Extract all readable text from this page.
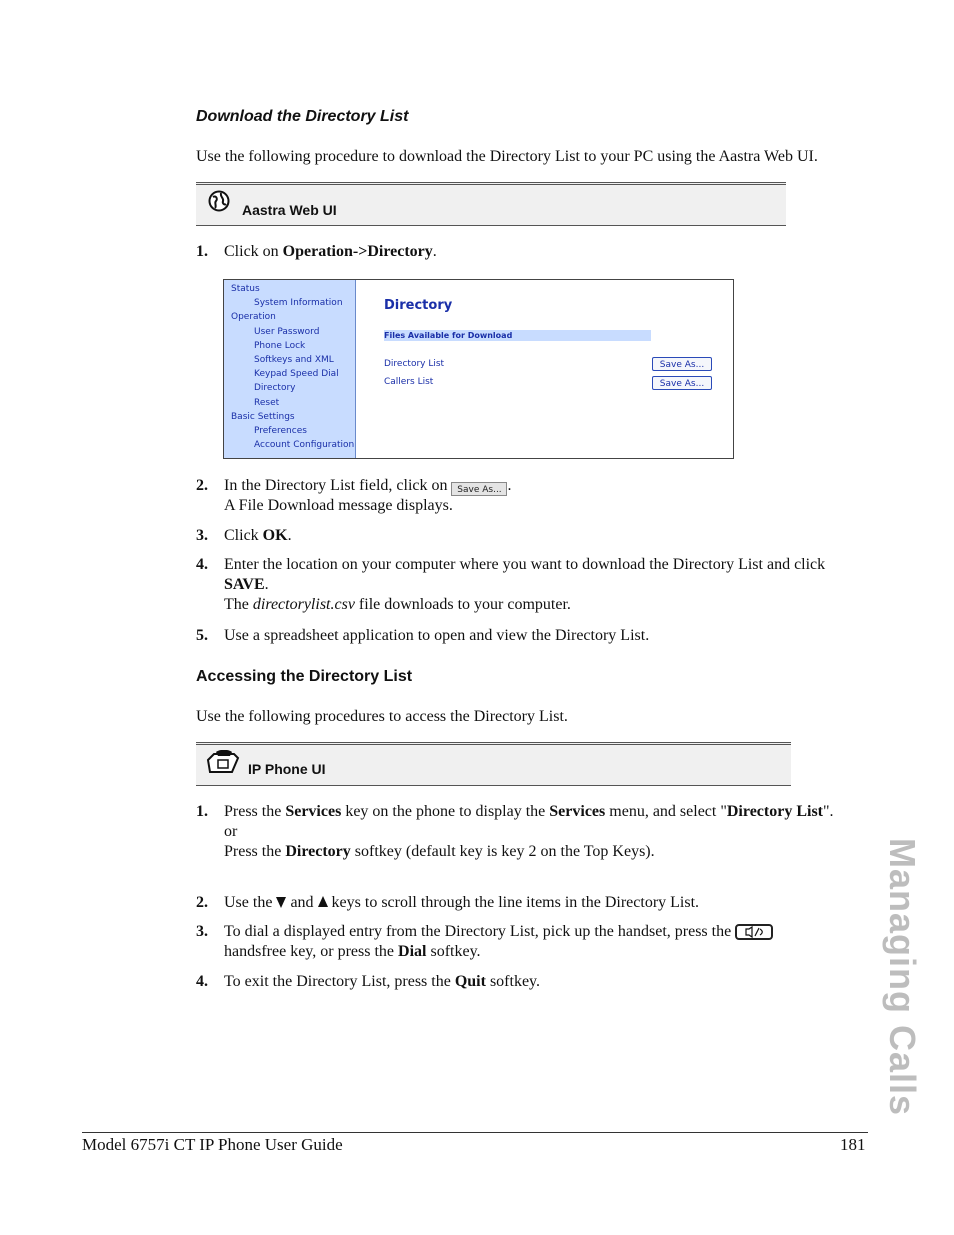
Download the Directory List
Use the following procedure to download the Directory List to your PC using the Aastra Web UI.
Aastra Web UI
1. Click on Operation->Directory.
Status
System Information
Operation
User Password
Phone Lock
Softkeys and XML
Keypad Speed Dial
Directory
Reset
Basic Settings
Preferences
Account Configuration
Directory
Files Available for Download
Directory List	Save As...
Callers List	Save As...
2. In the Directory List field, click on Save As... .
A File Download message displays.
3. Click OK.
4. Enter the location on your computer where you want to download the Directory List and click SAVE.
The directorylist.csv file downloads to your computer.
5. Use a spreadsheet application to open and view the Directory List.
Accessing the Directory List
Use the following procedures to access the Directory List.
IP Phone UI
1. Press the Services key on the phone to display the Services menu, and select "Directory List".
or
Press the Directory softkey (default key is key 2 on the Top Keys).
2. Use the  and  keys to scroll through the line items in the Directory List.
3. To dial a displayed entry from the Directory List, pick up the handset, press the

handsfree key, or press the Dial softkey.
4. To exit the Directory List, press the Quit softkey.	Managing Calls
Model 6757i CT IP Phone User Guide	181
